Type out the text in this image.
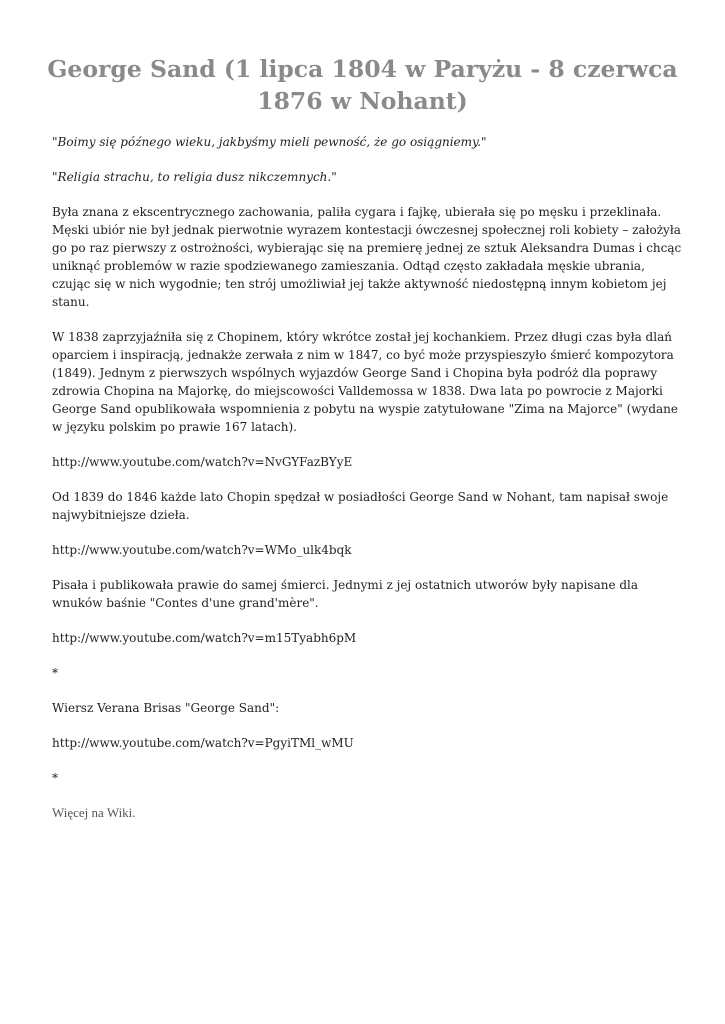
George Sand (1 lipca 1804 w Paryżu - 8 czerwca 1876 w Nohant)

"Boimy się późnego wieku, jakbyśmy mieli pewność, że go osiągniemy."

"Religia strachu, to religia dusz nikczemnych."

Była znana z ekscentrycznego zachowania, paliła cygara i fajkę, ubierała się po męsku i przeklinała. Męski ubiór nie był jednak pierwotnie wyrazem kontestacji ówczesnej społecznej roli kobiety – założyła go po raz pierwszy z ostrożności, wybierając się na premierę jednej ze sztuk Aleksandra Dumas i chcąc uniknąć problemów w razie spodziewanego zamieszania. Odtąd często zakładała męskie ubrania, czując się w nich wygodnie; ten strój umożliwiał jej także aktywność niedostępną innym kobietom jej stanu.

W 1838 zaprzyjaźniła się z Chopinem, który wkrótce został jej kochankiem. Przez długi czas była dlań oparciem i inspiracją, jednakże zerwała z nim w 1847, co być może przyspieszyło śmierć kompozytora (1849). Jednym z pierwszych wspólnych wyjazdów George Sand i Chopina była podróż dla poprawy zdrowia Chopina na Majorkę, do miejscowości Valldemossa w 1838. Dwa lata po powrocie z Majorki George Sand opublikowała wspomnienia z pobytu na wyspie zatytułowane "Zima na Majorce" (wydane w języku polskim po prawie 167 latach).

http://www.youtube.com/watch?v=NvGYFazBYyE

Od 1839 do 1846 każde lato Chopin spędzał w posiadłości George Sand w Nohant, tam napisał swoje najwybitniejsze dzieła.

http://www.youtube.com/watch?v=WMo_ulk4bqk

Pisała i publikowała prawie do samej śmierci. Jednymi z jej ostatnich utworów były napisane dla wnuków baśnie "Contes d'une grand'mère".

http://www.youtube.com/watch?v=m15Tyabh6pM

*

Wiersz Verana Brisas "George Sand":

http://www.youtube.com/watch?v=PgyiTMl_wMU

*

Więcej na Wiki.
